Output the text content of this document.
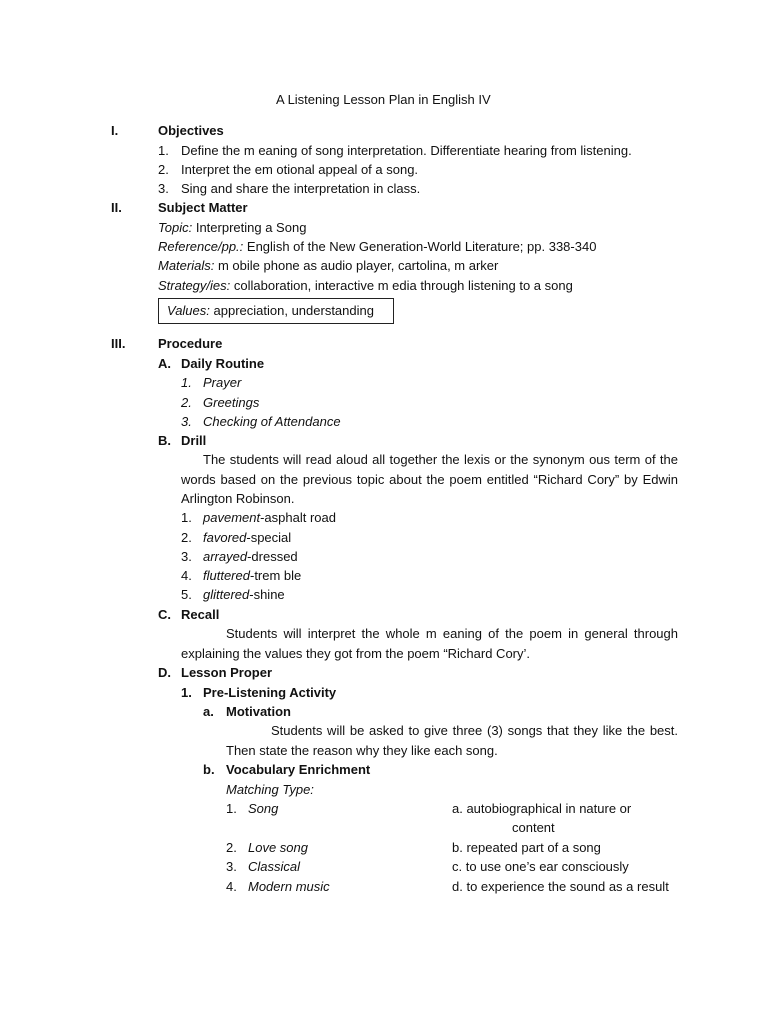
A Listening Lesson Plan in English IV
I.	Objectives
1. Define the m eaning of song interpretation. Differentiate hearing from listening.
2. Interpret the em otional appeal of a song.
3. Sing and share the interpretation in class.
II.	Subject Matter
Topic: Interpreting a Song
Reference/pp.: English of the New Generation-World Literature; pp. 338-340
Materials: m obile phone as audio player, cartolina, m arker
Strategy/ies: collaboration, interactive m edia through listening to a song
Values: appreciation, understanding
III.	Procedure
A. Daily Routine
1. Prayer
2. Greetings
3. Checking of Attendance
B. Drill
The students will read aloud all together the lexis or the synonym ous term of the words based on the previous topic about the poem entitled “Richard Cory” by Edwin Arlington Robinson.
1. pavement-asphalt road
2. favored-special
3. arrayed-dressed
4. fluttered-trem ble
5. glittered-shine
C. Recall
Students will interpret the whole m eaning of the poem in general through explaining the values they got from the poem “Richard Cory’.
D. Lesson Proper
1. Pre-Listening Activity
a. Motivation
Students will be asked to give three (3) songs that they like the best. Then state the reason why they like each song.
b. Vocabulary Enrichment
Matching Type:
1. Song	a. autobiographical in nature or
content
2. Love song	b. repeated part of a song
3. Classical	c. to use one’s ear consciously
4. Modern music	d. to experience the sound as a result
